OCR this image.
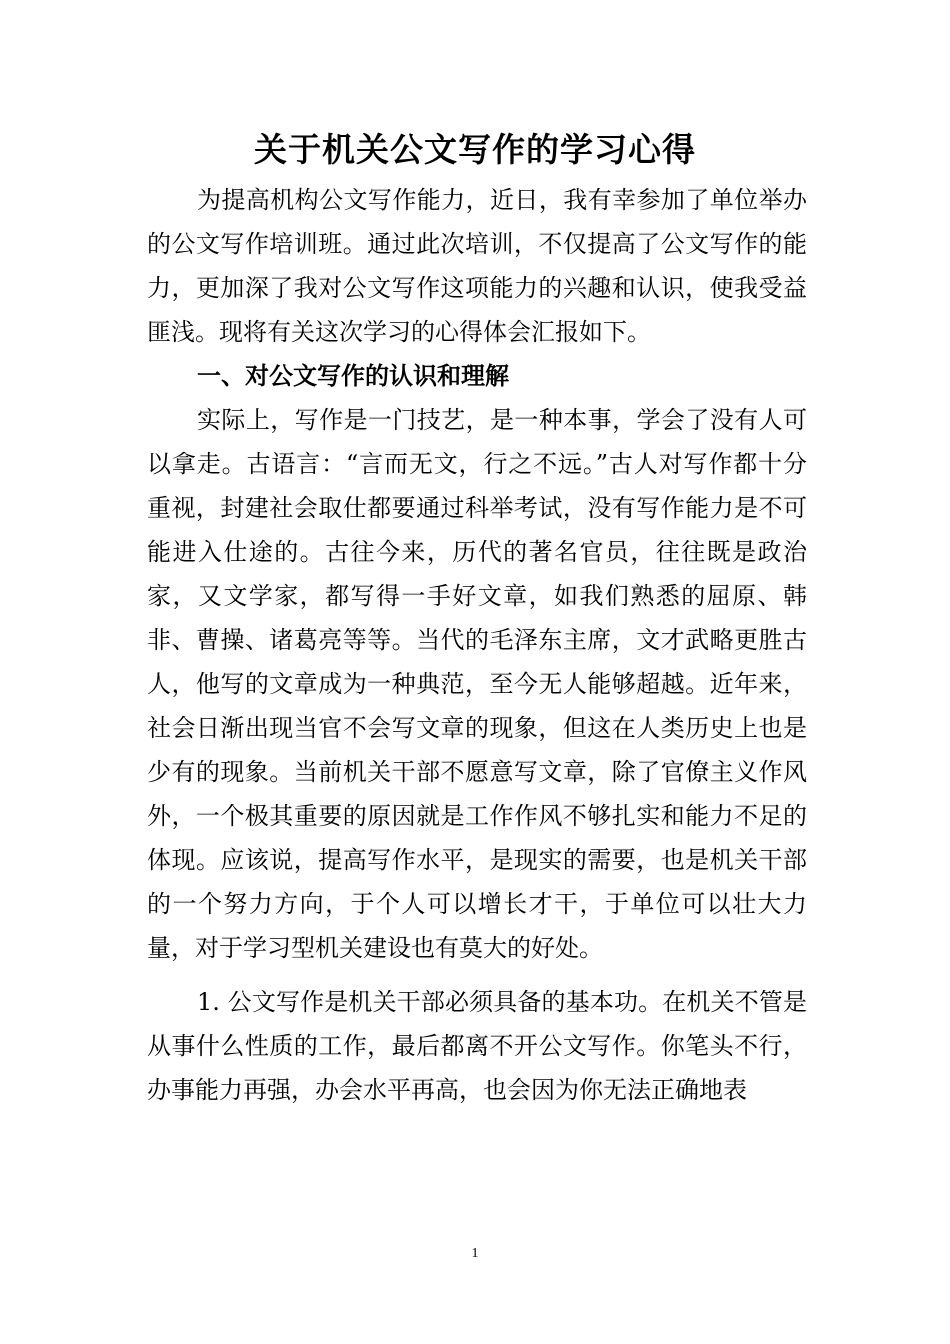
关于机关公文写作的学习心得

为提高机构公文写作能力，近日，我有幸参加了单位举办的公文写作培训班。通过此次培训，不仅提高了公文写作的能力，更加深了我对公文写作这项能力的兴趣和认识，使我受益匪浅。现将有关这次学习的心得体会汇报如下。

一、对公文写作的认识和理解

实际上，写作是一门技艺，是一种本事，学会了没有人可以拿走。古语言：“言而无文，行之不远。”古人对写作都十分重视，封建社会取仕都要通过科举考试，没有写作能力是不可能进入仕途的。古往今来，历代的著名官员，往往既是政治家，又文学家，都写得一手好文章，如我们熟悉的屈原、韩非、曹操、诸葛亮等等。当代的毛泽东主席，文才武略更胜古人，他写的文章成为一种典范，至今无人能够超越。近年来，社会日渐出现当官不会写文章的现象，但这在人类历史上也是少有的现象。当前机关干部不愿意写文章，除了官僚主义作风外，一个极其重要的原因就是工作作风不够扎实和能力不足的体现。应该说，提高写作水平，是现实的需要，也是机关干部的一个努力方向，于个人可以增长才干，于单位可以壮大力量，对于学习型机关建设也有莫大的好处。

1. 公文写作是机关干部必须具备的基本功。在机关不管是从事什么性质的工作，最后都离不开公文写作。你笔头不行，办事能力再强，办会水平再高，也会因为你无法正确地表

1
